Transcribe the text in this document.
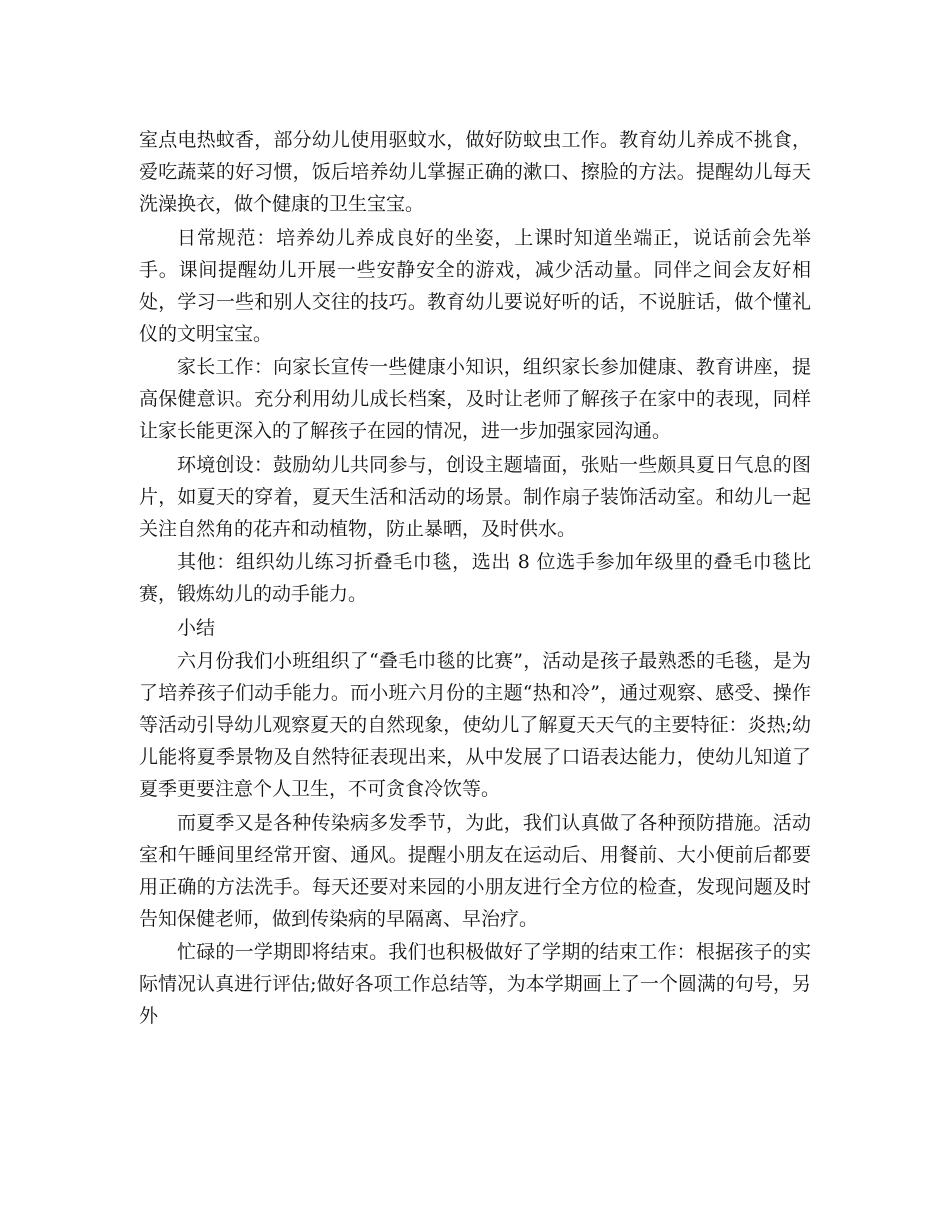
室点电热蚊香，部分幼儿使用驱蚊水，做好防蚊虫工作。教育幼儿养成不挑食，爱吃蔬菜的好习惯，饭后培养幼儿掌握正确的漱口、擦脸的方法。提醒幼儿每天洗澡换衣，做个健康的卫生宝宝。

日常规范：培养幼儿养成良好的坐姿，上课时知道坐端正，说话前会先举手。课间提醒幼儿开展一些安静安全的游戏，减少活动量。同伴之间会友好相处，学习一些和别人交往的技巧。教育幼儿要说好听的话，不说脏话，做个懂礼仪的文明宝宝。

家长工作：向家长宣传一些健康小知识，组织家长参加健康、教育讲座，提高保健意识。充分利用幼儿成长档案，及时让老师了解孩子在家中的表现，同样让家长能更深入的了解孩子在园的情况，进一步加强家园沟通。

环境创设：鼓励幼儿共同参与，创设主题墙面，张贴一些颇具夏日气息的图片，如夏天的穿着，夏天生活和活动的场景。制作扇子装饰活动室。和幼儿一起关注自然角的花卉和动植物，防止暴晒，及时供水。

其他：组织幼儿练习折叠毛巾毯，选出 8 位选手参加年级里的叠毛巾毯比赛，锻炼幼儿的动手能力。

小结

六月份我们小班组织了“叠毛巾毯的比赛”，活动是孩子最熟悉的毛毯，是为了培养孩子们动手能力。而小班六月份的主题“热和冷”，通过观察、感受、操作等活动引导幼儿观察夏天的自然现象，使幼儿了解夏天天气的主要特征：炎热;幼儿能将夏季景物及自然特征表现出来，从中发展了口语表达能力，使幼儿知道了夏季更要注意个人卫生，不可贪食冷饮等。

而夏季又是各种传染病多发季节，为此，我们认真做了各种预防措施。活动室和午睡间里经常开窗、通风。提醒小朋友在运动后、用餐前、大小便前后都要用正确的方法洗手。每天还要对来园的小朋友进行全方位的检查，发现问题及时告知保健老师，做到传染病的早隔离、早治疗。

忙碌的一学期即将结束。我们也积极做好了学期的结束工作：根据孩子的实际情况认真进行评估;做好各项工作总结等，为本学期画上了一个圆满的句号，另外
